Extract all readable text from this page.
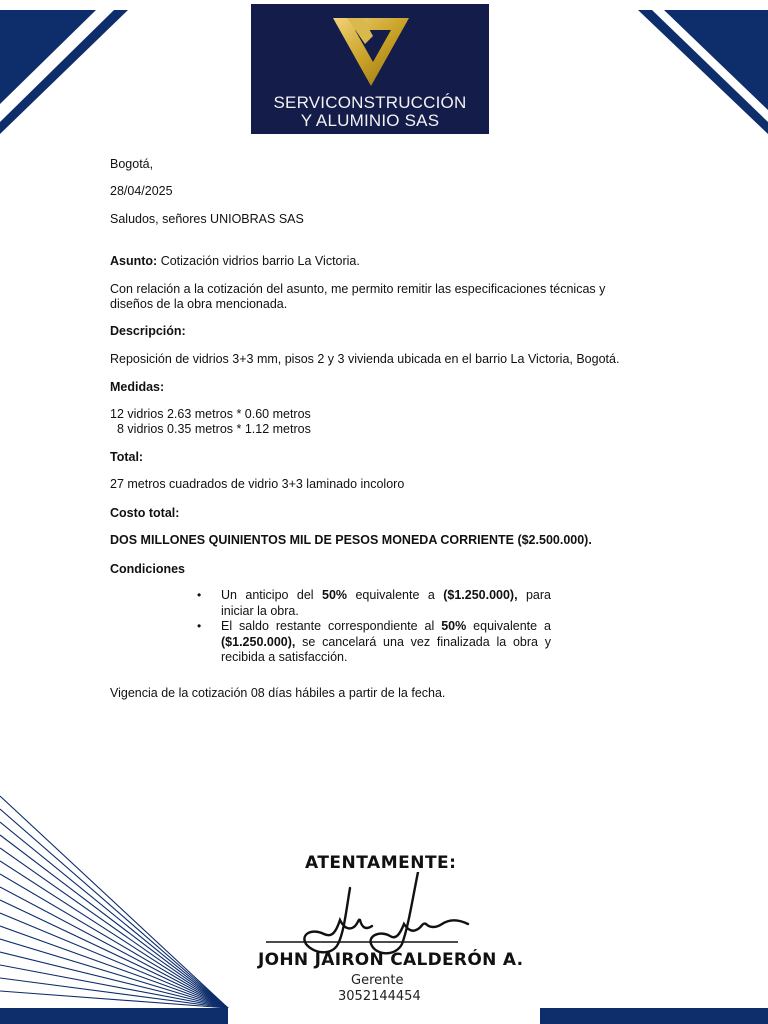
SERVICONSTRUCCIÓN
Y ALUMINIO SAS

Bogotá,

28/04/2025

Saludos, señores UNIOBRAS SAS

Asunto: Cotización vidrios barrio La Victoria.

Con relación a la cotización del asunto, me permito remitir las especificaciones técnicas y diseños de la obra mencionada.

Descripción:

Reposición de vidrios 3+3 mm, pisos 2 y 3 vivienda ubicada en el barrio La Victoria, Bogotá.

Medidas:

12 vidrios 2.63 metros * 0.60 metros

8 vidrios 0.35 metros * 1.12 metros

Total:

27 metros cuadrados de vidrio 3+3 laminado incoloro

Costo total:

DOS MILLONES QUINIENTOS MIL DE PESOS MONEDA CORRIENTE ($2.500.000).

Condiciones

• Un anticipo del 50% equivalente a ($1.250.000), para iniciar la obra.
• El saldo restante correspondiente al 50% equivalente a ($1.250.000), se cancelará una vez finalizada la obra y recibida a satisfacción.

Vigencia de la cotización 08 días hábiles a partir de la fecha.

ATENTAMENTE:
JOHN JAIRON CALDERÓN A.
Gerente
3052144454
